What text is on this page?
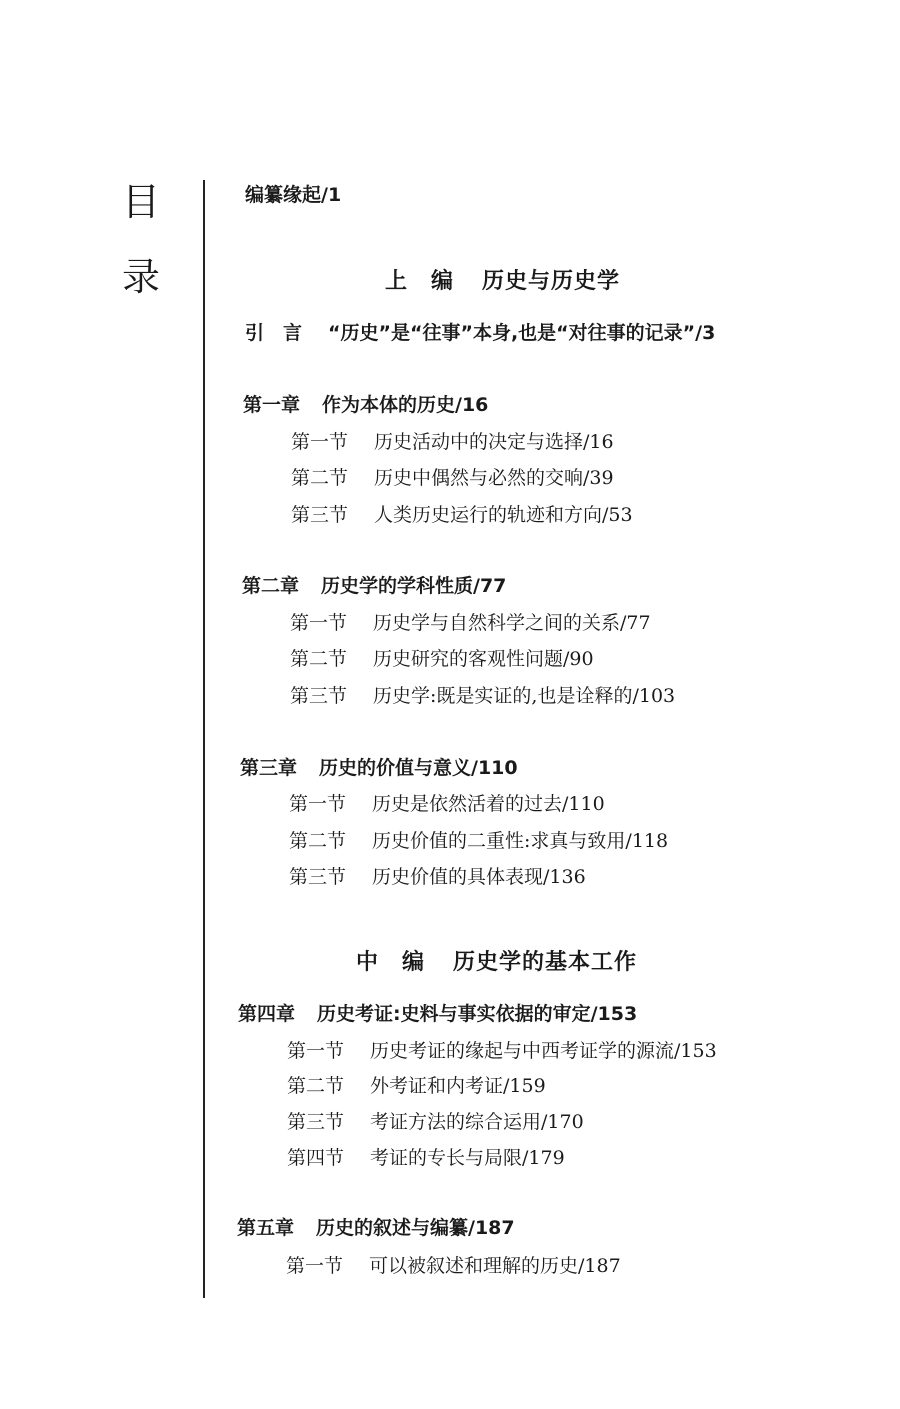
目
录
编纂缘起/1
上　编 历史与历史学
引　言 “历史”是“往事”本身,也是“对往事的记录”/3
第一章 作为本体的历史/16
第一节 历史活动中的决定与选择/16
第二节 历史中偶然与必然的交响/39
第三节 人类历史运行的轨迹和方向/53
第二章 历史学的学科性质/77
第一节 历史学与自然科学之间的关系/77
第二节 历史研究的客观性问题/90
第三节 历史学:既是实证的,也是诠释的/103
第三章 历史的价值与意义/110
第一节 历史是依然活着的过去/110
第二节 历史价值的二重性:求真与致用/118
第三节 历史价值的具体表现/136
中　编 历史学的基本工作
第四章 历史考证:史料与事实依据的审定/153
第一节 历史考证的缘起与中西考证学的源流/153
第二节 外考证和内考证/159
第三节 考证方法的综合运用/170
第四节 考证的专长与局限/179
第五章 历史的叙述与编纂/187
第一节 可以被叙述和理解的历史/187
